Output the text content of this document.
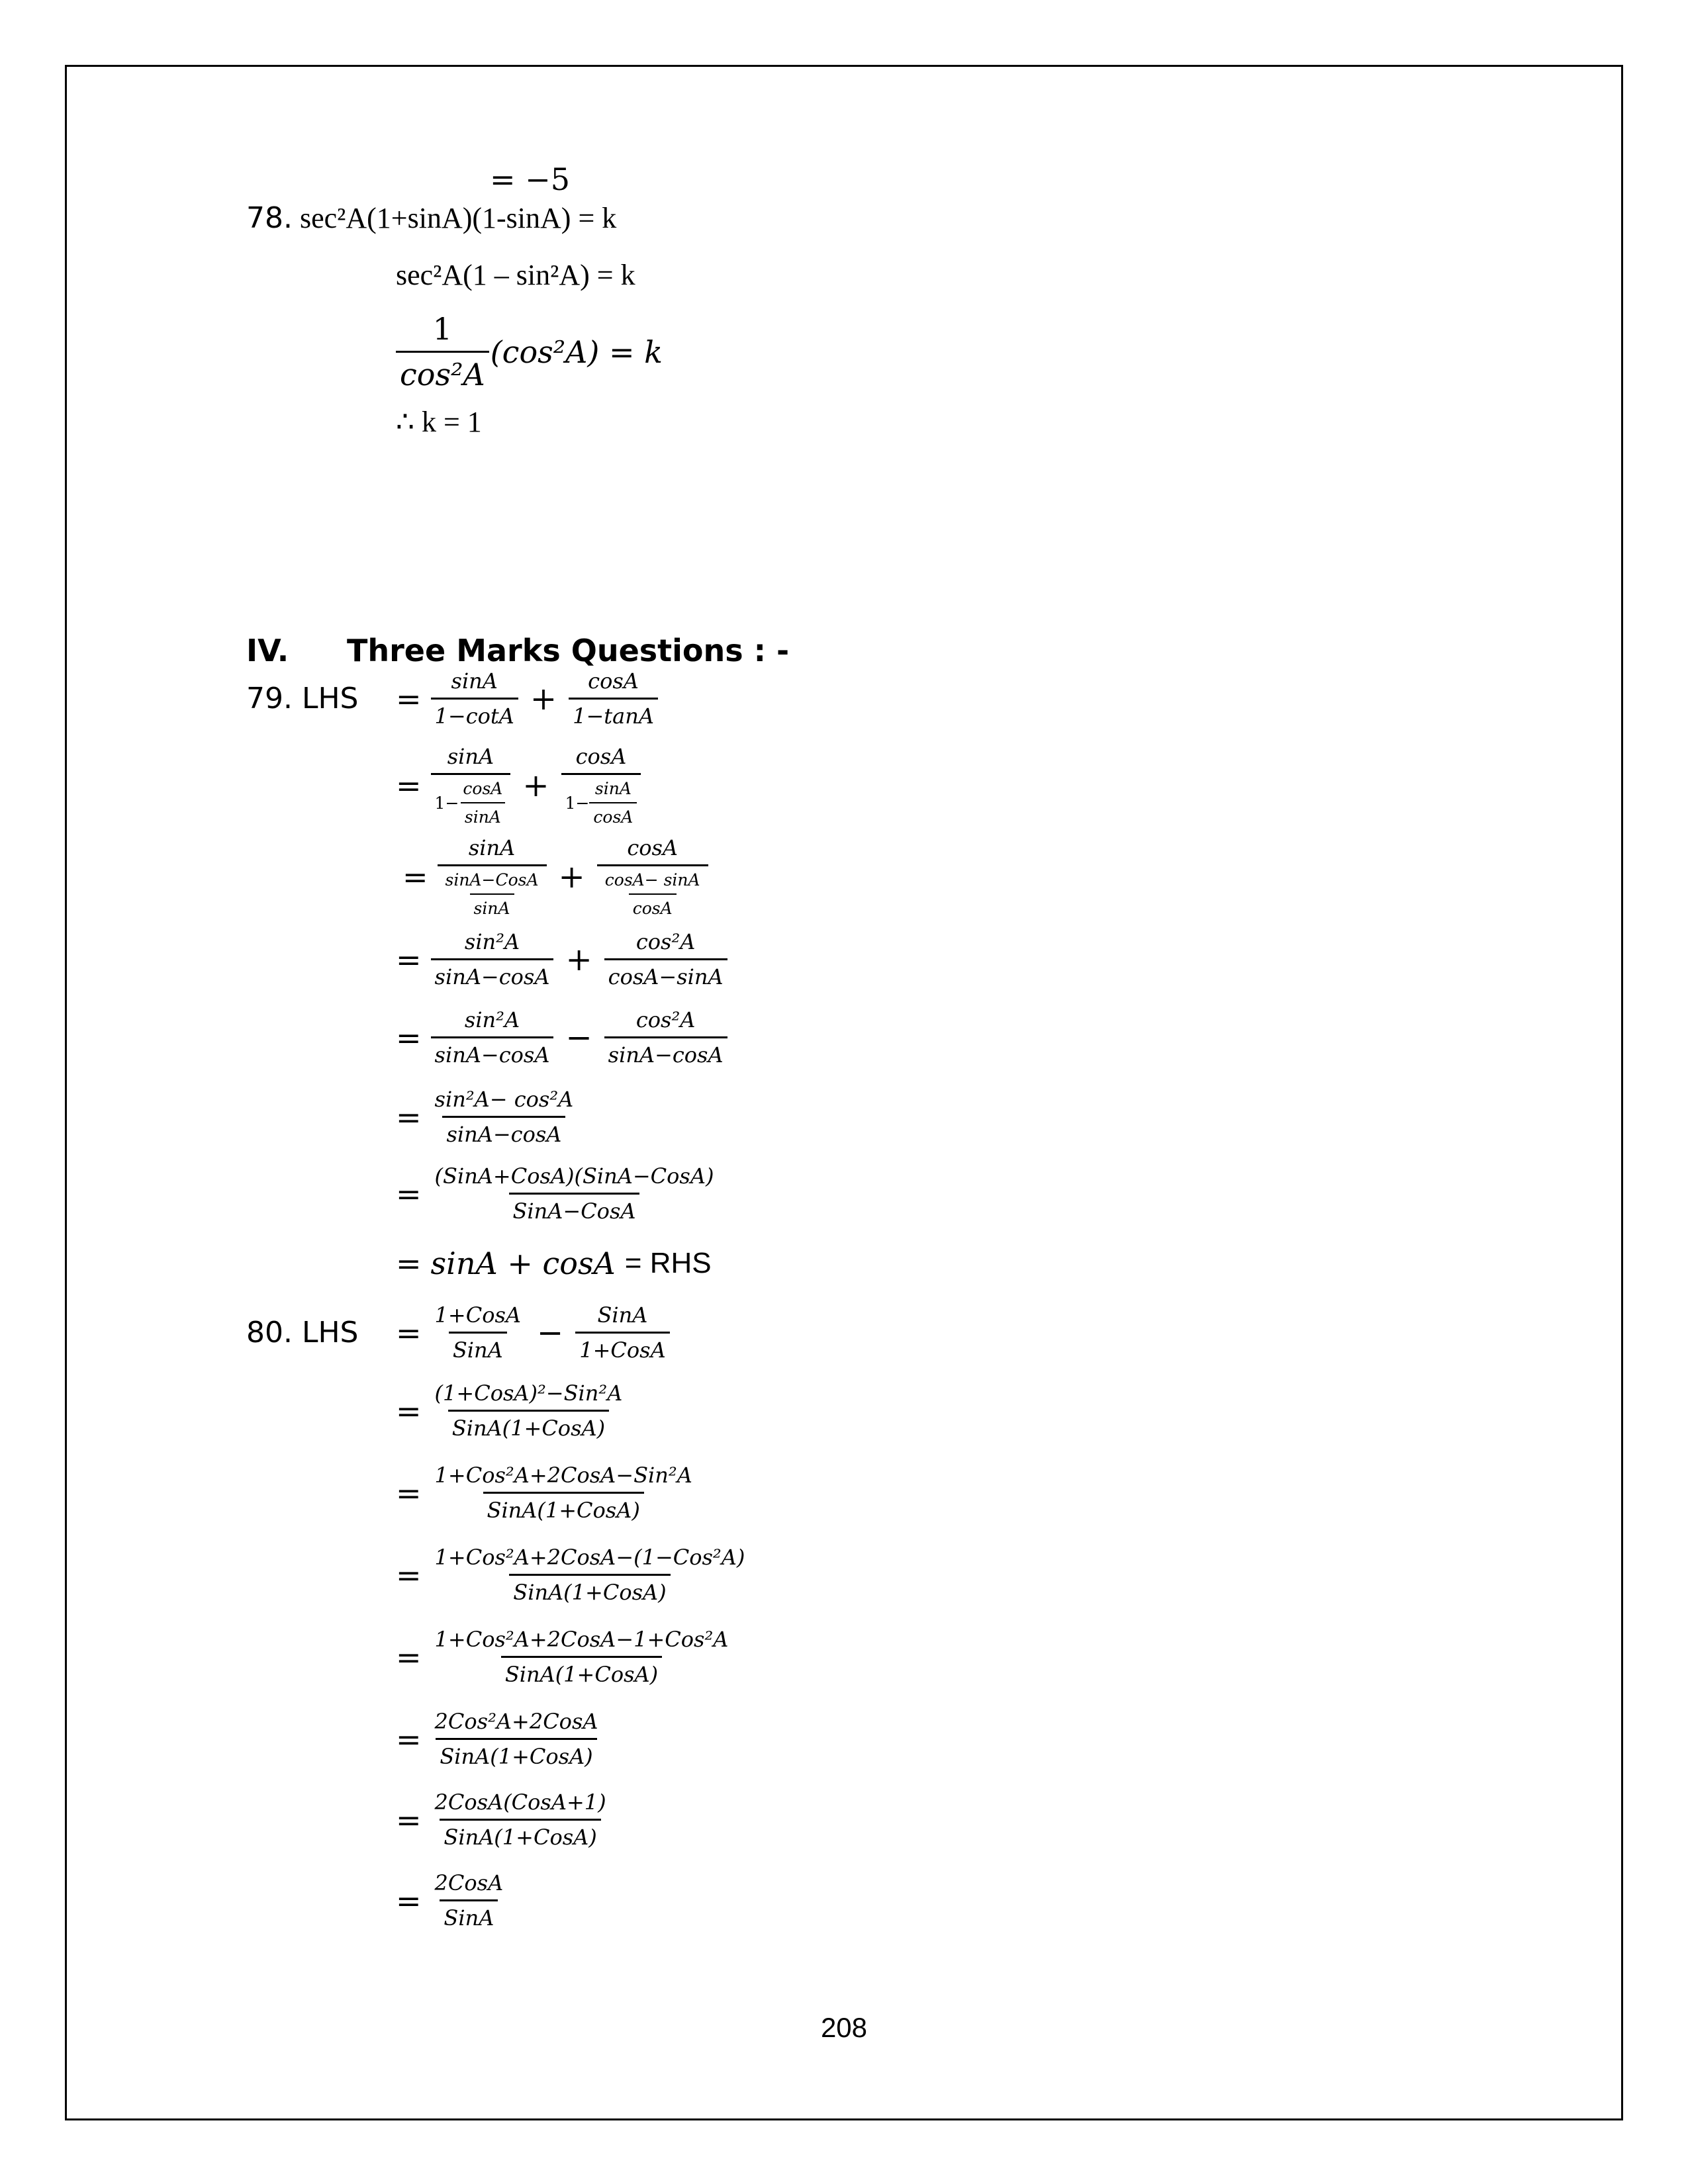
= −5
78. sec²A(1+sinA)(1-sinA) = k
sec²A(1 – sin²A) = k
$\frac{1}{\text{cos²A}} (\cos^2A) = k$
∴ k = 1
IV. Three Marks Questions : -
79. LHS = $\frac{\sin A}{1-\cot A} + \frac{\cos A}{1-\tan A}$
= $\frac{\sin A}{1- \frac{\cos A}{\sin A}} + \frac{\cos A}{1- \frac{\sin A}{\cos A}}$
= $\frac{\sin A}{\frac{\text{sinA−CosA}}{\sin A}} + \frac{\cos A}{\frac{\cos A- \sin A}{\cos A}}$
= $\frac{\text{sin²A}}{\sin A-\cos A} + \frac{\text{cos²A}}{\cos A-\sin A}$
= $\frac{\text{sin²A}}{\sin A-\cos A} - \frac{\text{cos²A}}{\sin A-\cos A}$
= $\frac{\text{sin²A− cos²A}}{\sin A-\cos A}$
= $\frac{\text{(SinA+CosA)(SinA−CosA)}}{\text{SinA−CosA}}$
= sinA + cosA = RHS
80. LHS = $\frac{\text{1+CosA}}{\text{SinA}} - \frac{\text{SinA}}{\text{1+CosA}}$
= $\frac{\text{(1+CosA)²−Sin²A}}{\text{SinA(1+CosA)}}$
= $\frac{\text{1+Cos²A+2CosA−Sin²A}}{\text{SinA(1+CosA)}}$
= $\frac{\text{1+Cos²A+2CosA−(1−Cos²A)}}{\text{SinA(1+CosA)}}$
= $\frac{\text{1+Cos²A+2CosA−1+Cos²A}}{\text{SinA(1+CosA)}}$
= $\frac{\text{2Cos²A+2CosA}}{\text{SinA(1+CosA)}}$
= $\frac{\text{2CosA(CosA+1)}}{\text{SinA(1+CosA)}}$
= $\frac{\text{2CosA}}{\text{SinA}}$
208
